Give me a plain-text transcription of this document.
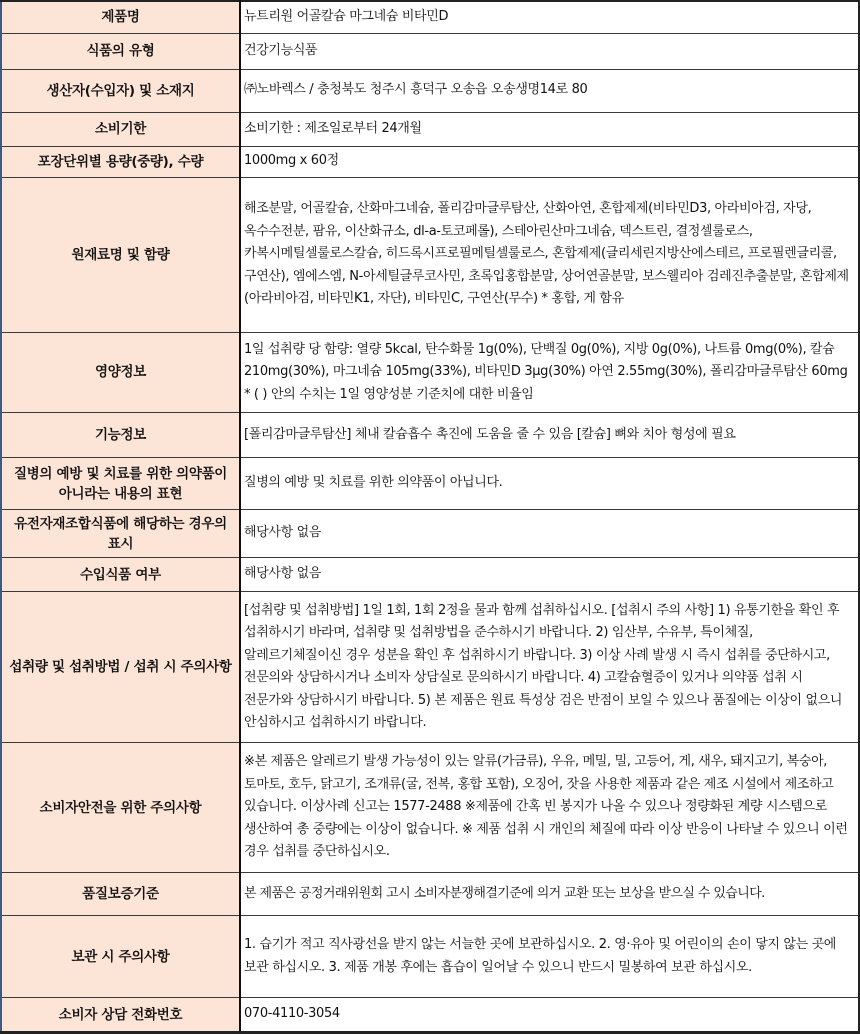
제품명	뉴트리원 어골칼슘 마그네슘 비타민D
식품의 유형	건강기능식품
생산자(수입자) 및 소재지	㈜노바렉스 / 충청북도 청주시 흥덕구 오송읍 오송생명14로 80
소비기한	소비기한 : 제조일로부터 24개월
포장단위별 용량(중량), 수량	1000mg x 60정
원재료명 및 함량	해조분말, 어골칼슘, 산화마그네슘, 폴리감마글루탐산, 산화아연, 혼합제제(비타민D3, 아라비아검, 자당, 옥수수전분, 팜유, 이산화규소, dl-a-토코페롤), 스테아린산마그네슘, 덱스트린, 결정셀룰로스, 카복시메틸셀룰로스칼슘, 히드록시프로필메틸셀룰로스, 혼합제제(글리세린지방산에스테르, 프로필렌글리콜, 구연산), 엠에스엠, N-아세틸글루코사민, 초록입홍합분말, 상어연골분말, 보스웰리아 검레진추출분말, 혼합제제(아라비아검, 비타민K1, 자단), 비타민C, 구연산(무수) * 홍합, 게 함유
영양정보	1일 섭취량 당 함량: 열량 5kcal, 탄수화물 1g(0%), 단백질 0g(0%), 지방 0g(0%), 나트륨 0mg(0%), 칼슘 210mg(30%), 마그네슘 105mg(33%), 비타민D 3μg(30%) 아연 2.55mg(30%), 폴리감마글루탐산 60mg * ( ) 안의 수치는 1일 영양성분 기준치에 대한 비율임
기능정보	[폴리감마글루탐산] 체내 칼슘흡수 촉진에 도움을 줄 수 있음 [칼슘] 뼈와 치아 형성에 필요
질병의 예방 및 치료를 위한 의약품이 아니라는 내용의 표현	질병의 예방 및 치료를 위한 의약품이 아닙니다.
유전자재조합식품에 해당하는 경우의 표시	해당사항 없음
수입식품 여부	해당사항 없음
섭취량 및 섭취방법 / 섭취 시 주의사항	[섭취량 및 섭취방법] 1일 1회, 1회 2정을 물과 함께 섭취하십시오. [섭취시 주의 사항] 1) 유통기한을 확인 후 섭취하시기 바라며, 섭취량 및 섭취방법을 준수하시기 바랍니다. 2) 임산부, 수유부, 특이체질, 알레르기체질이신 경우 성분을 확인 후 섭취하시기 바랍니다. 3) 이상 사례 발생 시 즉시 섭취를 중단하시고, 전문의와 상담하시거나 소비자 상담실로 문의하시기 바랍니다. 4) 고칼슘혈증이 있거나 의약품 섭취 시 전문가와 상담하시기 바랍니다. 5) 본 제품은 원료 특성상 검은 반점이 보일 수 있으나 품질에는 이상이 없으니 안심하시고 섭취하시기 바랍니다.
소비자안전을 위한 주의사항	※본 제품은 알레르기 발생 가능성이 있는 알류(가금류), 우유, 메밀, 밀, 고등어, 게, 새우, 돼지고기, 복숭아, 토마토, 호두, 닭고기, 조개류(굴, 전복, 홍합 포함), 오징어, 잣을 사용한 제품과 같은 제조 시설에서 제조하고 있습니다. 이상사례 신고는 1577-2488 ※제품에 간혹 빈 봉지가 나올 수 있으나 정량화된 계량 시스템으로 생산하여 총 중량에는 이상이 없습니다. ※ 제품 섭취 시 개인의 체질에 따라 이상 반응이 나타날 수 있으니 이런 경우 섭취를 중단하십시오.
품질보증기준	본 제품은 공정거래위원회 고시 소비자분쟁해결기준에 의거 교환 또는 보상을 받으실 수 있습니다.
보관 시 주의사항	1. 습기가 적고 직사광선을 받지 않는 서늘한 곳에 보관하십시오. 2. 영·유아 및 어린이의 손이 닿지 않는 곳에 보관 하십시오. 3. 제품 개봉 후에는 흡습이 일어날 수 있으니 반드시 밀봉하여 보관 하십시오.
소비자 상담 전화번호	070-4110-3054
